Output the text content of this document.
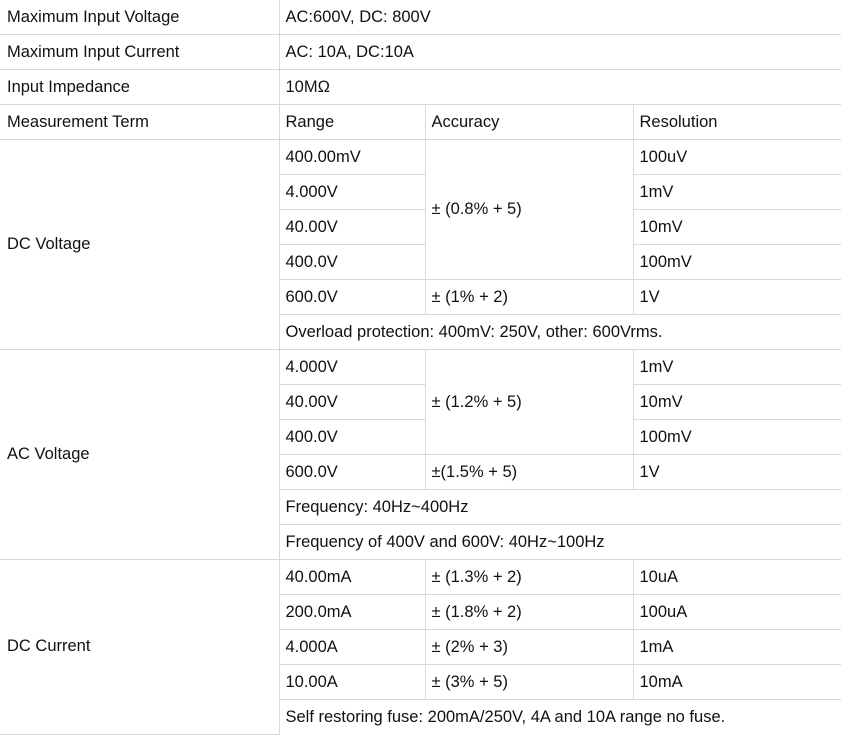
Maximum Input Voltage	AC:600V, DC: 800V		
Maximum Input Current	AC: 10A, DC:10A		
Input Impedance	10MΩ		
Measurement Term	Range	Accuracy	Resolution
DC Voltage	400.00mV	± (0.8% + 5)	100uV
	4.000V		1mV
	40.00V		10mV
	400.0V		100mV
	600.0V	± (1% + 2)	1V
	Overload protection: 400mV: 250V, other: 600Vrms.		
AC Voltage	4.000V	± (1.2% + 5)	1mV
	40.00V		10mV
	400.0V		100mV
	600.0V	±(1.5% + 5)	1V
	Frequency: 40Hz~400Hz		
	Frequency of 400V and 600V: 40Hz~100Hz		
DC Current	40.00mA	± (1.3% + 2)	10uA
	200.0mA	± (1.8% + 2)	100uA
	4.000A	± (2% + 3)	1mA
	10.00A	± (3% + 5)	10mA
	Self restoring fuse: 200mA/250V, 4A and 10A range no fuse.		
